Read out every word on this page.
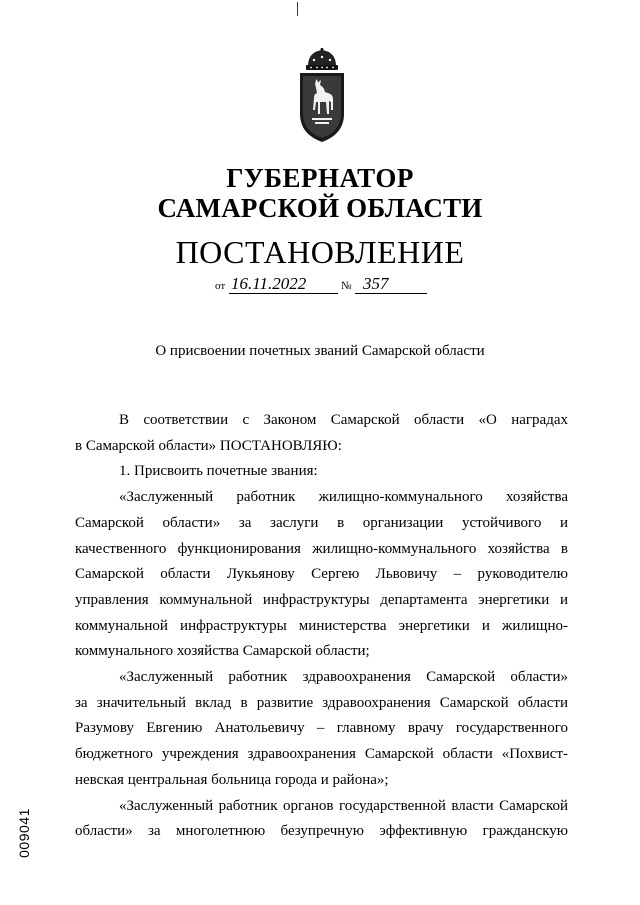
ГУБЕРНАТОР
САМАРСКОЙ ОБЛАСТИ
ПОСТАНОВЛЕНИЕ
от 16.11.2022	№ 357
О присвоении почетных званий Самарской области

В соответствии с Законом Самарской области «О наградах

в Самарской области» ПОСТАНОВЛЯЮ:

1. Присвоить почетные звания:

«Заслуженный работник жилищно-коммунального хозяйства

Самарской области» за заслуги в организации устойчивого и

качественного функционирования жилищно-коммунального хозяйства в

Самарской области Лукьянову Сергею Львовичу – руководителю

управления коммунальной инфраструктуры департамента энергетики и

коммунальной инфраструктуры министерства энергетики и жилищно-

коммунального хозяйства Самарской области;

«Заслуженный работник здравоохранения Самарской области»

за значительный вклад в развитие здравоохранения Самарской области

Разумову Евгению Анатольевичу – главному врачу государственного

бюджетного учреждения здравоохранения Самарской области «Похвист-

невская центральная больница города и района»;

«Заслуженный работник органов государственной власти Самарской

области» за многолетнюю безупречную эффективную гражданскую

009041
